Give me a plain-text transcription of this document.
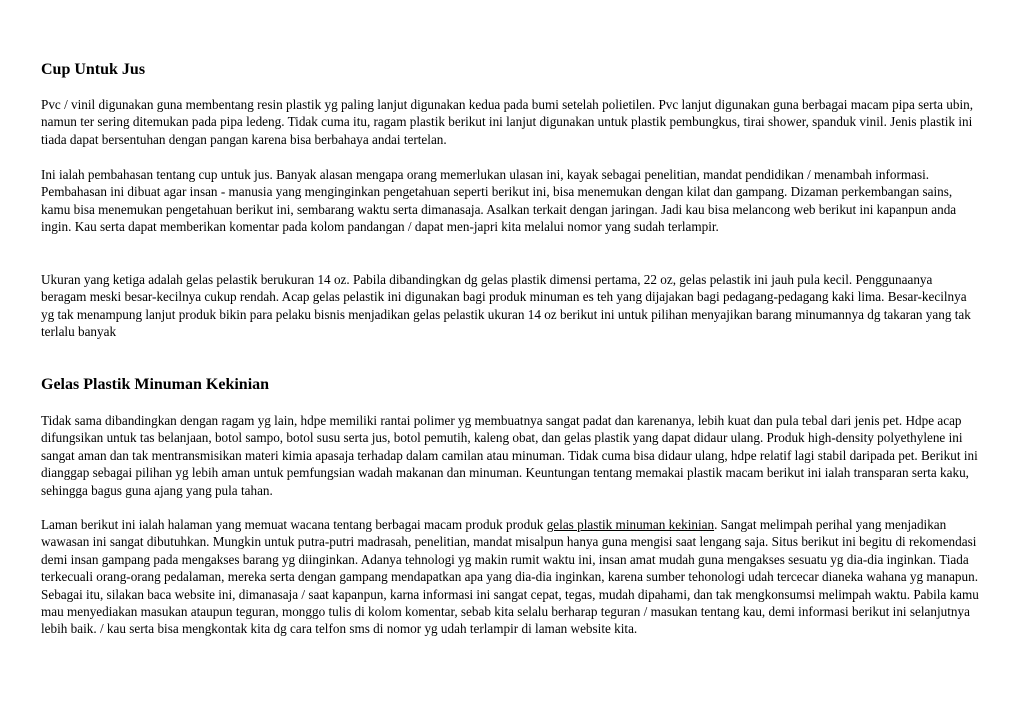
Cup Untuk Jus

Pvc / vinil digunakan guna membentang resin plastik yg paling lanjut digunakan kedua pada bumi setelah polietilen. Pvc lanjut digunakan guna berbagai macam pipa serta ubin, namun ter sering ditemukan pada pipa ledeng. Tidak cuma itu, ragam plastik berikut ini lanjut digunakan untuk plastik pembungkus, tirai shower, spanduk vinil. Jenis plastik ini tiada dapat bersentuhan dengan pangan karena bisa berbahaya andai tertelan.

Ini ialah pembahasan tentang cup untuk jus. Banyak alasan mengapa orang memerlukan ulasan ini, kayak sebagai penelitian, mandat pendidikan / menambah informasi. Pembahasan ini dibuat agar insan - manusia yang menginginkan pengetahuan seperti berikut ini, bisa menemukan dengan kilat dan gampang. Dizaman perkembangan sains, kamu bisa menemukan pengetahuan berikut ini, sembarang waktu serta dimanasaja. Asalkan terkait dengan jaringan. Jadi kau bisa melancong web berikut ini kapanpun anda ingin. Kau serta dapat memberikan komentar pada kolom pandangan / dapat men-japri kita melalui nomor yang sudah terlampir.

Ukuran yang ketiga adalah gelas pelastik berukuran 14 oz. Pabila dibandingkan dg gelas plastik dimensi pertama, 22 oz, gelas pelastik ini jauh pula kecil. Penggunaanya beragam meski besar-kecilnya cukup rendah. Acap gelas pelastik ini digunakan bagi produk minuman es teh yang dijajakan bagi pedagang-pedagang kaki lima. Besar-kecilnya yg tak menampung lanjut produk bikin para pelaku bisnis menjadikan gelas pelastik ukuran 14 oz berikut ini untuk pilihan menyajikan barang minumannya dg takaran yang tak terlalu banyak

Gelas Plastik Minuman Kekinian

Tidak sama dibandingkan dengan ragam yg lain, hdpe memiliki rantai polimer yg membuatnya sangat padat dan karenanya, lebih kuat dan pula tebal dari jenis pet. Hdpe acap difungsikan untuk tas belanjaan, botol sampo, botol susu serta jus, botol pemutih, kaleng obat, dan gelas plastik yang dapat didaur ulang. Produk high-density polyethylene ini sangat aman dan tak mentransmisikan materi kimia apasaja terhadap dalam camilan atau minuman. Tidak cuma bisa didaur ulang, hdpe relatif lagi stabil daripada pet. Berikut ini dianggap sebagai pilihan yg lebih aman untuk pemfungsian wadah makanan dan minuman. Keuntungan tentang memakai plastik macam berikut ini ialah transparan serta kaku, sehingga bagus guna ajang yang pula tahan.

Laman berikut ini ialah halaman yang memuat wacana tentang berbagai macam produk produk gelas plastik minuman kekinian. Sangat melimpah perihal yang menjadikan wawasan ini sangat dibutuhkan. Mungkin untuk putra-putri madrasah, penelitian, mandat misalpun hanya guna mengisi saat lengang saja. Situs berikut ini begitu di rekomendasi demi insan gampang pada mengakses barang yg diinginkan. Adanya tehnologi yg makin rumit waktu ini, insan amat mudah guna mengakses sesuatu yg dia-dia inginkan. Tiada terkecuali orang-orang pedalaman, mereka serta dengan gampang mendapatkan apa yang dia-dia inginkan, karena sumber tehonologi udah tercecar dianeka wahana yg manapun. Sebagai itu, silakan baca website ini, dimanasaja / saat kapanpun, karna informasi ini sangat cepat, tegas, mudah dipahami, dan tak mengkonsumsi melimpah waktu. Pabila kamu mau menyediakan masukan ataupun teguran, monggo tulis di kolom komentar, sebab kita selalu berharap teguran / masukan tentang kau, demi informasi berikut ini selanjutnya lebih baik. / kau serta bisa mengkontak kita dg cara telfon sms di nomor yg udah terlampir di laman website kita.
